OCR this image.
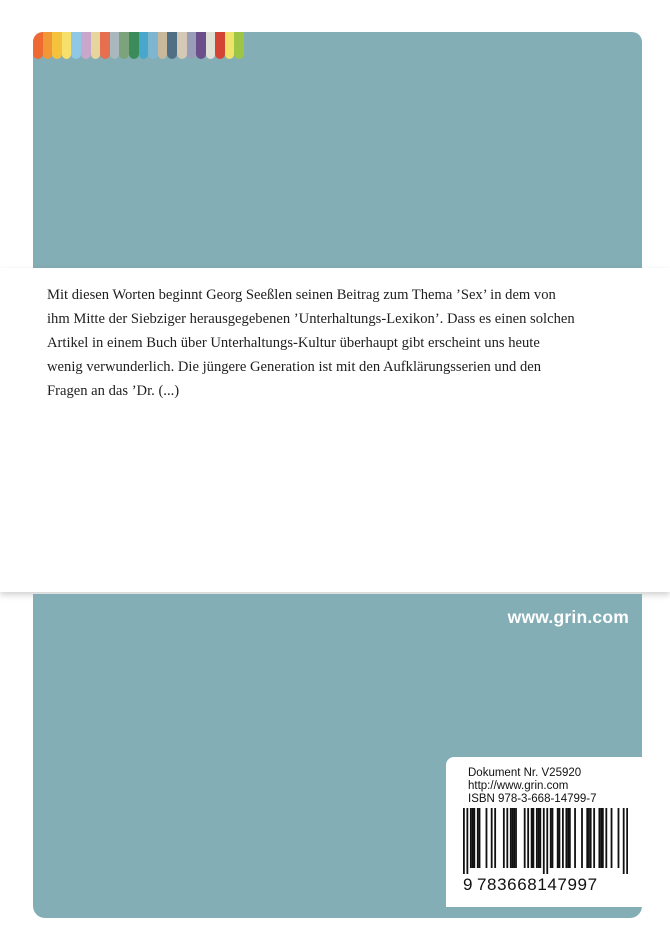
Mit diesen Worten beginnt Georg Seeßlen seinen Beitrag zum Thema ’Sex’ in dem von
ihm Mitte der Siebziger herausgegebenen ’Unterhaltungs-Lexikon’. Dass es einen solchen
Artikel in einem Buch über Unterhaltungs-Kultur überhaupt gibt erscheint uns heute
wenig verwunderlich. Die jüngere Generation ist mit den Aufklärungsserien und den
Fragen an das ’Dr. (...)
www.grin.com
Dokument Nr. V25920
http://www.grin.com
ISBN 978-3-668-14799-7
9 783668147997
